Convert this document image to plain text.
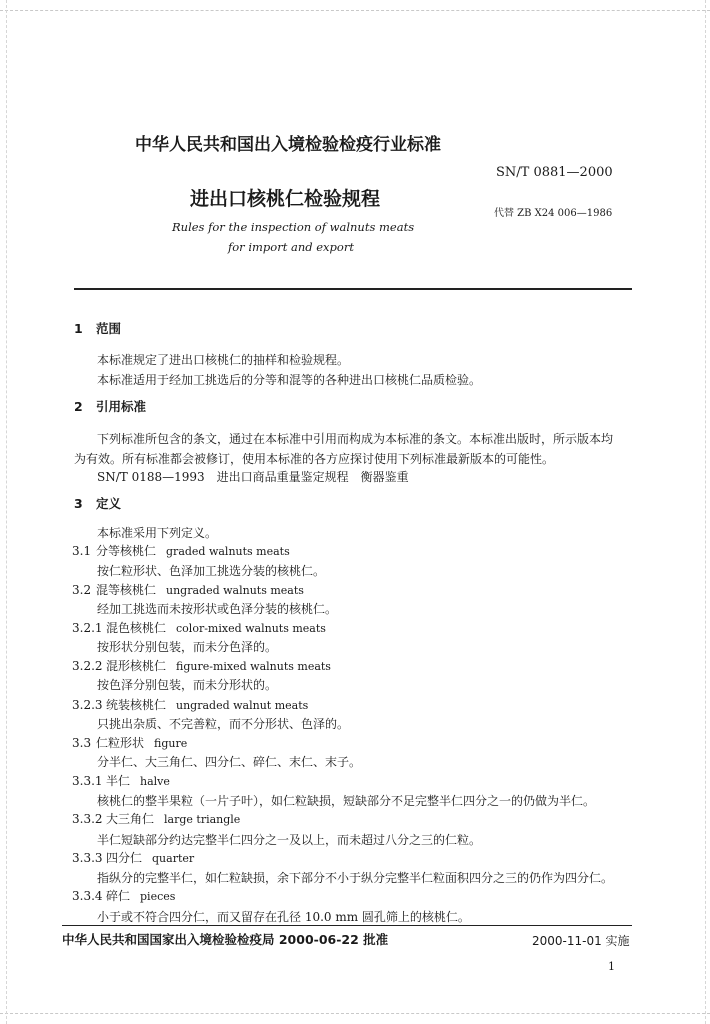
中华人民共和国出入境检验检疫行业标准
SN/T 0881—2000
进出口核桃仁检验规程
代替 ZB X24 006—1986
Rules for the inspection of walnuts meats
for import and export
1 范围
本标准规定了进出口核桃仁的抽样和检验规程。
本标准适用于经加工挑选后的分等和混等的各种进出口核桃仁品质检验。
2 引用标准
下列标准所包含的条文，通过在本标准中引用而构成为本标准的条文。本标准出版时，所示版本均
为有效。所有标准都会被修订，使用本标准的各方应探讨使用下列标准最新版本的可能性。
SN/T 0188—1993　进出口商品重量鉴定规程　衡器鉴重
3 定义
本标准采用下列定义。
3.1 分等核桃仁 graded walnuts meats
按仁粒形状、色泽加工挑选分装的核桃仁。
3.2 混等核桃仁 ungraded walnuts meats
经加工挑选而未按形状或色泽分装的核桃仁。
3.2.1 混色核桃仁 color-mixed walnuts meats
按形状分别包装，而未分色泽的。
3.2.2 混形核桃仁 figure-mixed walnuts meats
按色泽分别包装，而未分形状的。
3.2.3 统装核桃仁 ungraded walnut meats
只挑出杂质、不完善粒，而不分形状、色泽的。
3.3 仁粒形状 figure
分半仁、大三角仁、四分仁、碎仁、末仁、末子。
3.3.1 半仁 halve
核桃仁的整半果粒（一片子叶），如仁粒缺损，短缺部分不足完整半仁四分之一的仍做为半仁。
3.3.2 大三角仁 large triangle
半仁短缺部分约达完整半仁四分之一及以上，而未超过八分之三的仁粒。
3.3.3 四分仁 quarter
指纵分的完整半仁，如仁粒缺损，余下部分不小于纵分完整半仁粒面积四分之三的仍作为四分仁。
3.3.4 碎仁 pieces
小于或不符合四分仁，而又留存在孔径 10.0 mm 圆孔筛上的核桃仁。
中华人民共和国国家出入境检验检疫局 2000-06-22 批准	2000-11-01 实施
1
